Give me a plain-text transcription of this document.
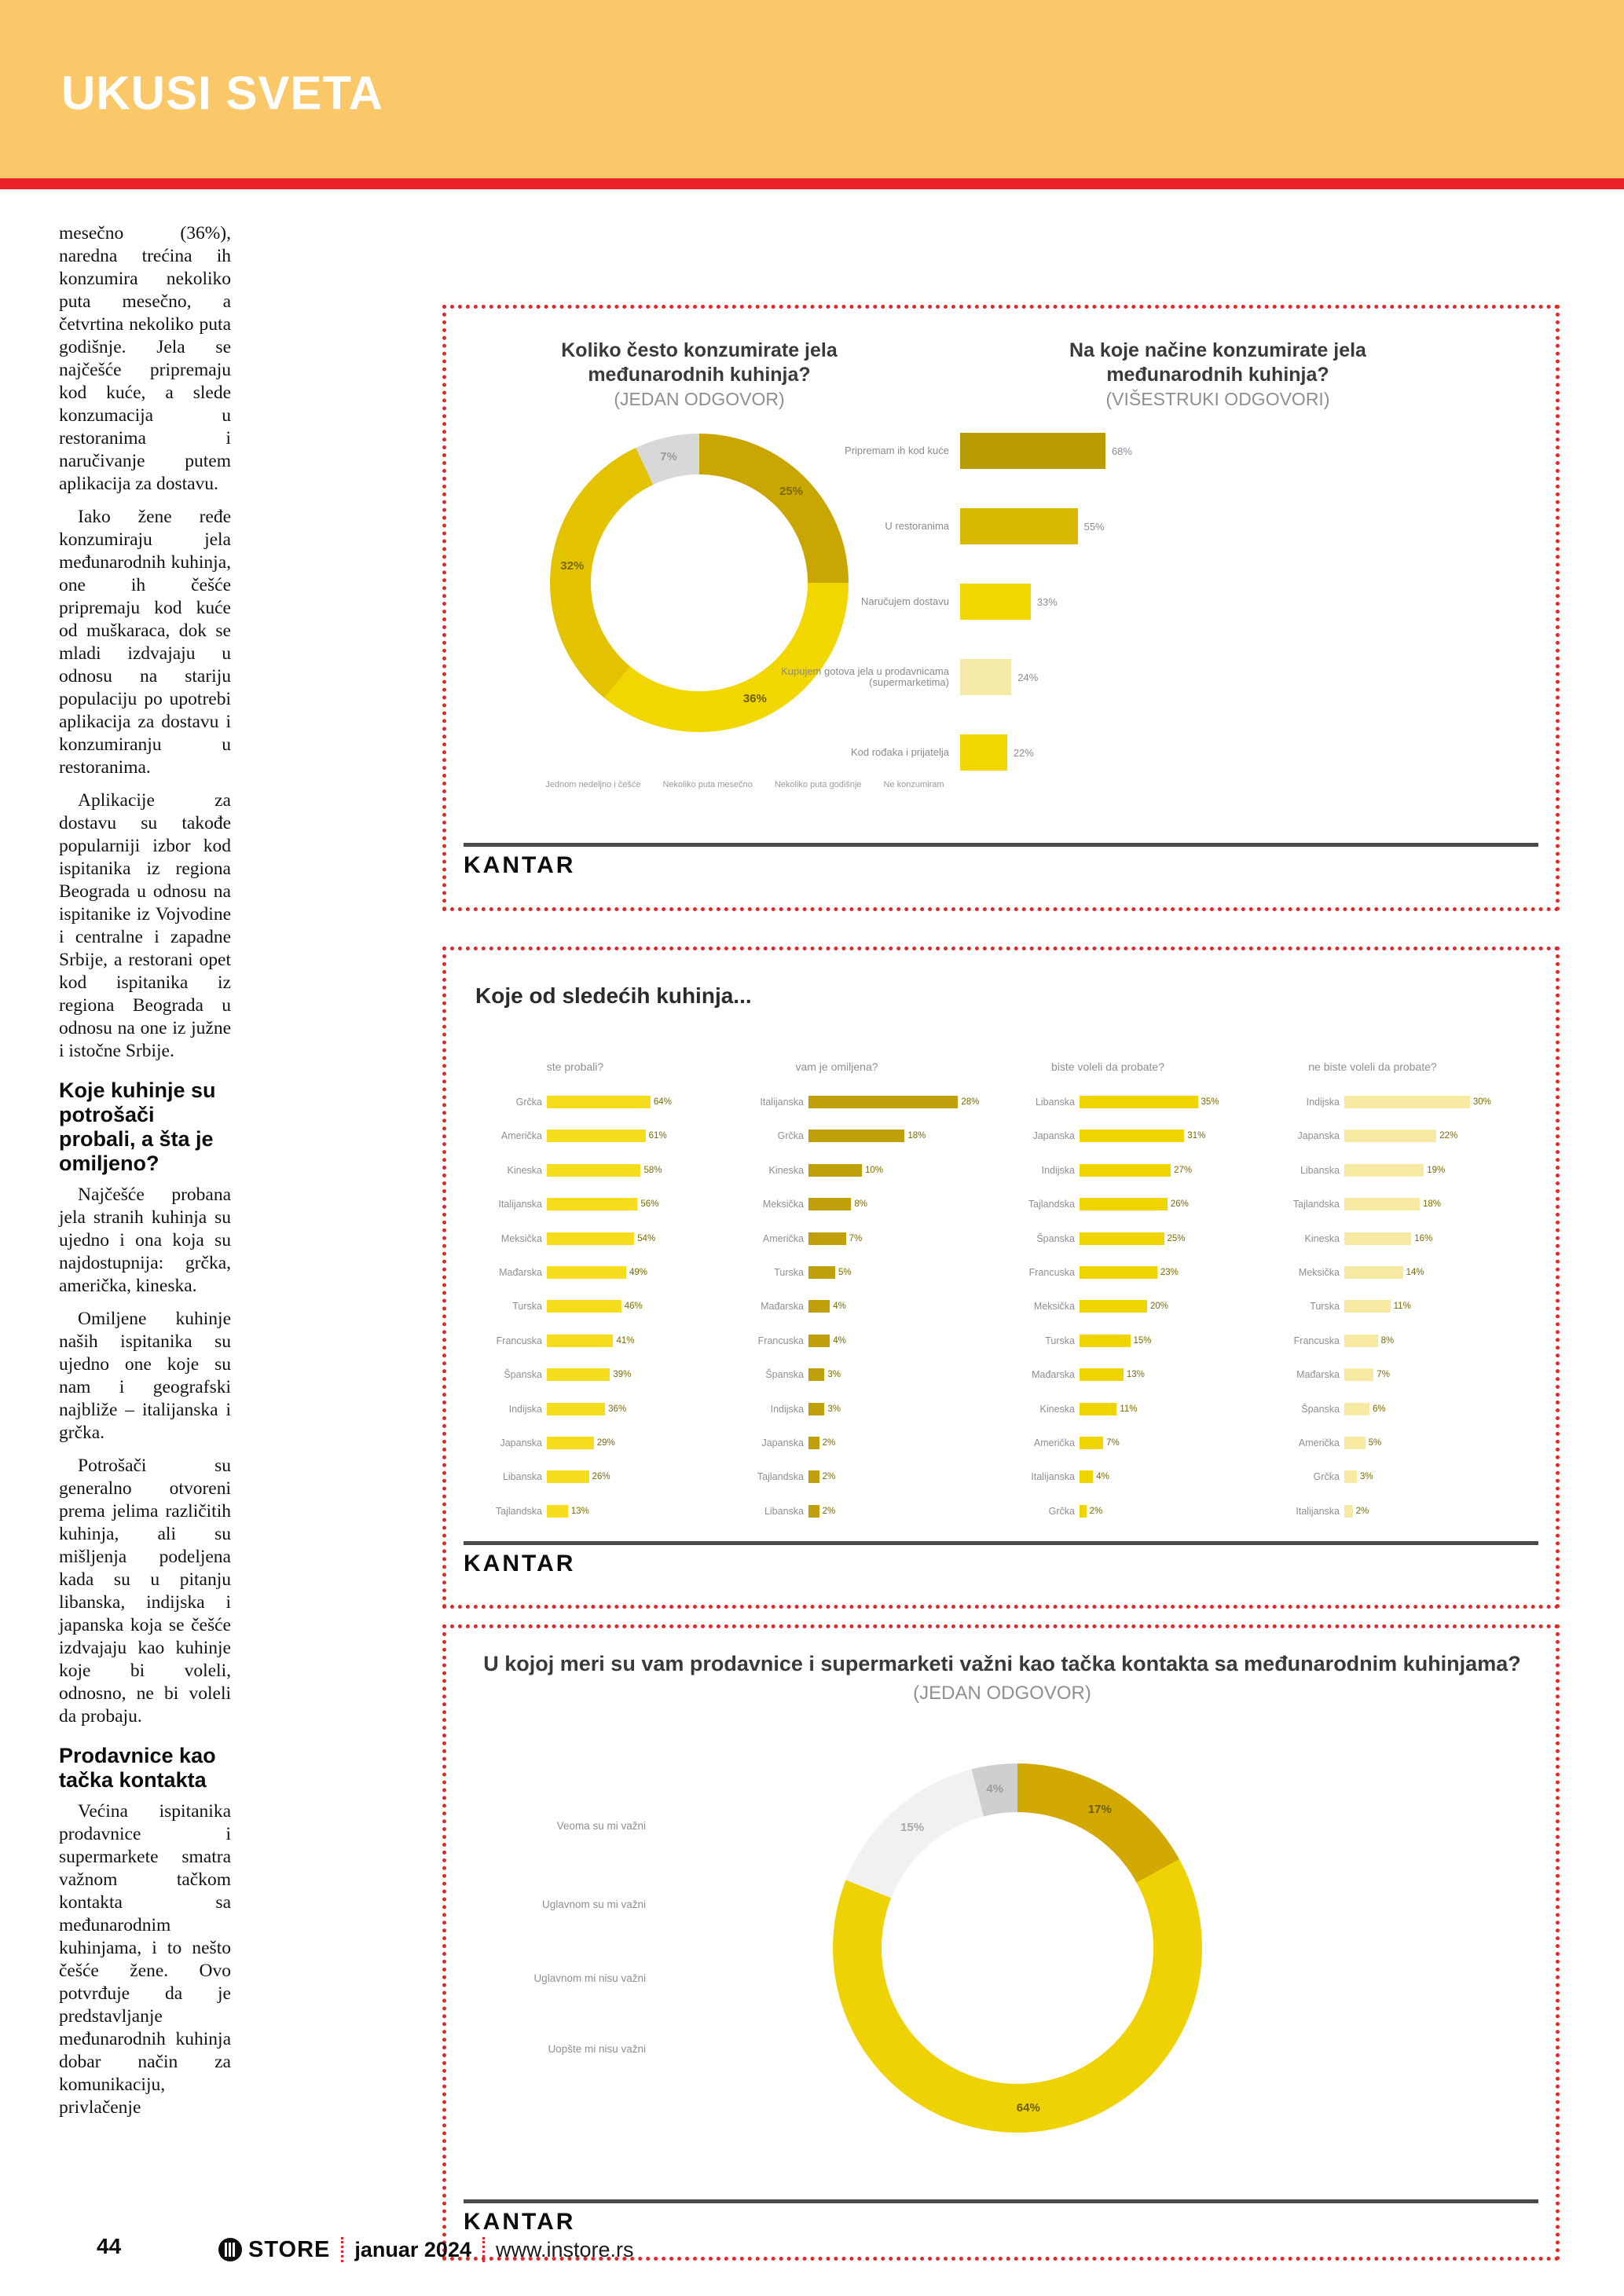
UKUSI SVETA

mesečno (36%), naredna trećina ih konzumira nekoliko puta mesečno, a četvrtina nekoliko puta godišnje. Jela se najčešće pripremaju kod kuće, a slede konzumacija u restoranima i naručivanje putem aplikacija za dostavu.

Iako žene ređe konzumiraju jela međunarodnih kuhinja, one ih češće pripremaju kod kuće od muškaraca, dok se mladi izdvajaju u odnosu na stariju populaciju po upotrebi aplikacija za dostavu i konzumiranju u restoranima.

Aplikacije za dostavu su takođe popularniji izbor kod ispitanika iz regiona Beograda u odnosu na ispitanike iz Vojvodine i centralne i zapadne Srbije, a restorani opet kod ispitanika iz regiona Beograda u odnosu na one iz južne i istočne Srbije.

Koje kuhinje su potrošači probali, a šta je omiljeno?

Najčešće probana jela stranih kuhinja su ujedno i ona koja su najdostupnija: grčka, američka, kineska.

Omiljene kuhinje naših ispitanika su ujedno one koje su nam i geografski najbliže – italijanska i grčka.

Potrošači su generalno otvoreni prema jelima različitih kuhinja, ali su mišljenja podeljena kada su u pitanju libanska, indijska i japanska koja se češće izdvajaju kao kuhinje koje bi voleli, odnosno, ne bi voleli da probaju.

Prodavnice kao tačka kontakta

Većina ispitanika prodavnice i supermarkete smatra važnom tačkom kontakta sa međunarodnim kuhinjama, i to nešto češće žene. Ovo potvrđuje da je predstavljanje međunarodnih kuhinja dobar način za komunikaciju, privlačenje

Koliko često konzumirate jela međunarodnih kuhinja?
(JEDAN ODGOVOR)
25%
36%
32%
7%
Jednom nedeljno i češće	Nekoliko puta mesečno	Nekoliko puta godišnje	Ne konzumiram
Na koje načine konzumirate jela međunarodnih kuhinja?
(VIŠESTRUKI ODGOVORI)
Pripremam ih kod kuće	68%
U restoranima	55%
Naručujem dostavu	33%
Kupujem gotova jela u prodavnicama (supermarketima)	24%
Kod rođaka i prijatelja	22%
KANTAR
Koje od sledećih kuhinja...
ste probali?
Grčka	64%
Američka	61%
Kineska	58%
Italijanska	56%
Meksička	54%
Mađarska	49%
Turska	46%
Francuska	41%
Španska	39%
Indijska	36%
Japanska	29%
Libanska	26%
Tajlandska	13%
vam je omiljena?
Italijanska	28%
Grčka	18%
Kineska	10%
Meksička	8%
Američka	7%
Turska	5%
Mađarska	4%
Francuska	4%
Španska	3%
Indijska	3%
Japanska	2%
Tajlandska	2%
Libanska	2%
biste voleli da probate?
Libanska	35%
Japanska	31%
Indijska	27%
Tajlandska	26%
Španska	25%
Francuska	23%
Meksička	20%
Turska	15%
Mađarska	13%
Kineska	11%
Američka	7%
Italijanska	4%
Grčka	2%
ne biste voleli da probate?
Indijska	30%
Japanska	22%
Libanska	19%
Tajlandska	18%
Kineska	16%
Meksička	14%
Turska	11%
Francuska	8%
Mađarska	7%
Španska	6%
Američka	5%
Grčka	3%
Italijanska	2%
KANTAR
U kojoj meri su vam prodavnice i supermarketi važni kao tačka kontakta sa međunarodnim kuhinjama?
(JEDAN ODGOVOR)
Veoma su mi važni
Uglavnom su mi važni
Uglavnom mi nisu važni
Uopšte mi nisu važni
17%
64%
15%
4%
KANTAR
44	STORE januar 2024 www.instore.rs
